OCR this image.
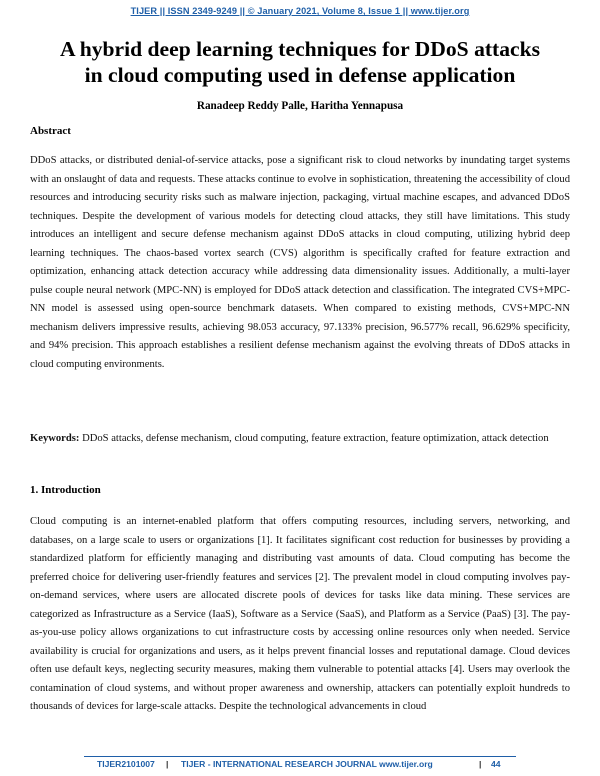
TIJER || ISSN 2349-9249 || © January 2021, Volume 8, Issue 1 || www.tijer.org
A hybrid deep learning techniques for DDoS attacks
in cloud computing used in defense application
Ranadeep Reddy Palle, Haritha Yennapusa
Abstract

DDoS attacks, or distributed denial-of-service attacks, pose a significant risk to cloud networks by inundating target systems with an onslaught of data and requests. These attacks continue to evolve in sophistication, threatening the accessibility of cloud resources and introducing security risks such as malware injection, packaging, virtual machine escapes, and advanced DDoS techniques. Despite the development of various models for detecting cloud attacks, they still have limitations. This study introduces an intelligent and secure defense mechanism against DDoS attacks in cloud computing, utilizing hybrid deep learning techniques. The chaos-based vortex search (CVS) algorithm is specifically crafted for feature extraction and optimization, enhancing attack detection accuracy while addressing data dimensionality issues. Additionally, a multi-layer pulse couple neural network (MPC-NN) is employed for DDoS attack detection and classification. The integrated CVS+MPC-NN model is assessed using open-source benchmark datasets. When compared to existing methods, CVS+MPC-NN mechanism delivers impressive results, achieving 98.053 accuracy, 97.133% precision, 96.577% recall, 96.629% specificity, and 94% precision. This approach establishes a resilient defense mechanism against the evolving threats of DDoS attacks in cloud computing environments.

Keywords: DDoS attacks, defense mechanism, cloud computing, feature extraction, feature optimization, attack detection

1. Introduction

Cloud computing is an internet-enabled platform that offers computing resources, including servers, networking, and databases, on a large scale to users or organizations [1]. It facilitates significant cost reduction for businesses by providing a standardized platform for efficiently managing and distributing vast amounts of data. Cloud computing has become the preferred choice for delivering user-friendly features and services [2]. The prevalent model in cloud computing involves pay-on-demand services, where users are allocated discrete pools of devices for tasks like data mining. These services are categorized as Infrastructure as a Service (IaaS), Software as a Service (SaaS), and Platform as a Service (PaaS) [3]. The pay-as-you-use policy allows organizations to cut infrastructure costs by accessing online resources only when needed. Service availability is crucial for organizations and users, as it helps prevent financial losses and reputational damage. Cloud devices often use default keys, neglecting security measures, making them vulnerable to potential attacks [4]. Users may overlook the contamination of cloud systems, and without proper awareness and ownership, attackers can potentially exploit hundreds to thousands of devices for large-scale attacks. Despite the technological advancements in cloud

TIJER2101007 | TIJER - INTERNATIONAL RESEARCH JOURNAL www.tijer.org	| 44
